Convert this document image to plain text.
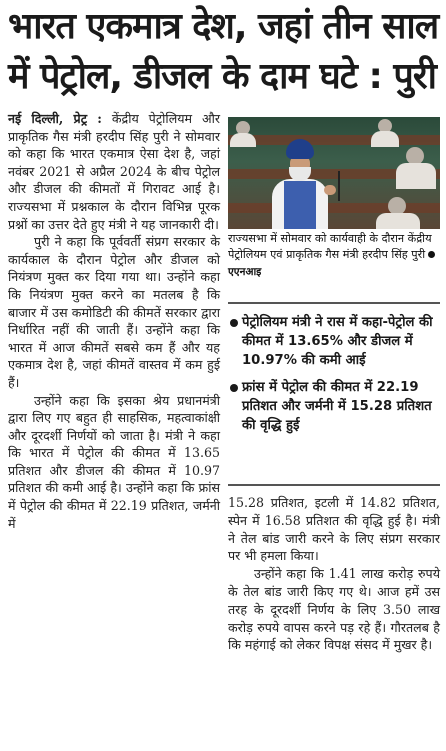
भारत एकमात्र देश, जहां तीन साल
में पेट्रोल, डीजल के दाम घटे : पुरी

नई दिल्ली, प्रेट्र : केंद्रीय पेट्रोलियम और प्राकृतिक गैस मंत्री हरदीप सिंह पुरी ने सोमवार को कहा कि भारत एकमात्र ऐसा देश है, जहां नवंबर 2021 से अप्रैल 2024 के बीच पेट्रोल और डीजल की कीमतों में गिरावट आई है। राज्यसभा में प्रश्नकाल के दौरान विभिन्न पूरक प्रश्नों का उत्तर देते हुए मंत्री ने यह जानकारी दी।

पुरी ने कहा कि पूर्ववर्ती संप्रग सरकार के कार्यकाल के दौरान पेट्रोल और डीजल को नियंत्रण मुक्त कर दिया गया था। उन्होंने कहा कि नियंत्रण मुक्त करने का मतलब है कि बाजार में उस कमोडिटी की कीमतें सरकार द्वारा निर्धारित नहीं की जाती हैं। उन्होंने कहा कि भारत में आज कीमतें सबसे कम हैं और यह एकमात्र देश है, जहां कीमतें वास्तव में कम हुई हैं।

उन्होंने कहा कि इसका श्रेय प्रधानमंत्री द्वारा लिए गए बहुत ही साहसिक, महत्वाकांक्षी और दूरदर्शी निर्णयों को जाता है। मंत्री ने कहा कि भारत में पेट्रोल की कीमत में 13.65 प्रतिशत और डीजल की कीमत में 10.97 प्रतिशत की कमी आई है। उन्होंने कहा कि फ्रांस में पेट्रोल की कीमत में 22.19 प्रतिशत, जर्मनी में

राज्यसभा में सोमवार को कार्यवाही के दौरान केंद्रीय पेट्रोलियम एवं प्राकृतिक गैस मंत्री हरदीप सिंह पुरीएएनआइ
पेट्रोलियम मंत्री ने रास में कहा-पेट्रोल की कीमत में 13.65% और डीजल में 10.97% की कमी आई
फ्रांस में पेट्रोल की कीमत में 22.19 प्रतिशत और जर्मनी में 15.28 प्रतिशत की वृद्धि हुई

15.28 प्रतिशत, इटली में 14.82 प्रतिशत, स्पेन में 16.58 प्रतिशत की वृद्धि हुई है। मंत्री ने तेल बांड जारी करने के लिए संप्रग सरकार पर भी हमला किया।

उन्होंने कहा कि 1.41 लाख करोड़ रुपये के तेल बांड जारी किए गए थे। आज हमें उस तरह के दूरदर्शी निर्णय के लिए 3.50 लाख करोड़ रुपये वापस करने पड़ रहे हैं। गौरतलब है कि महंगाई को लेकर विपक्ष संसद में मुखर है।
